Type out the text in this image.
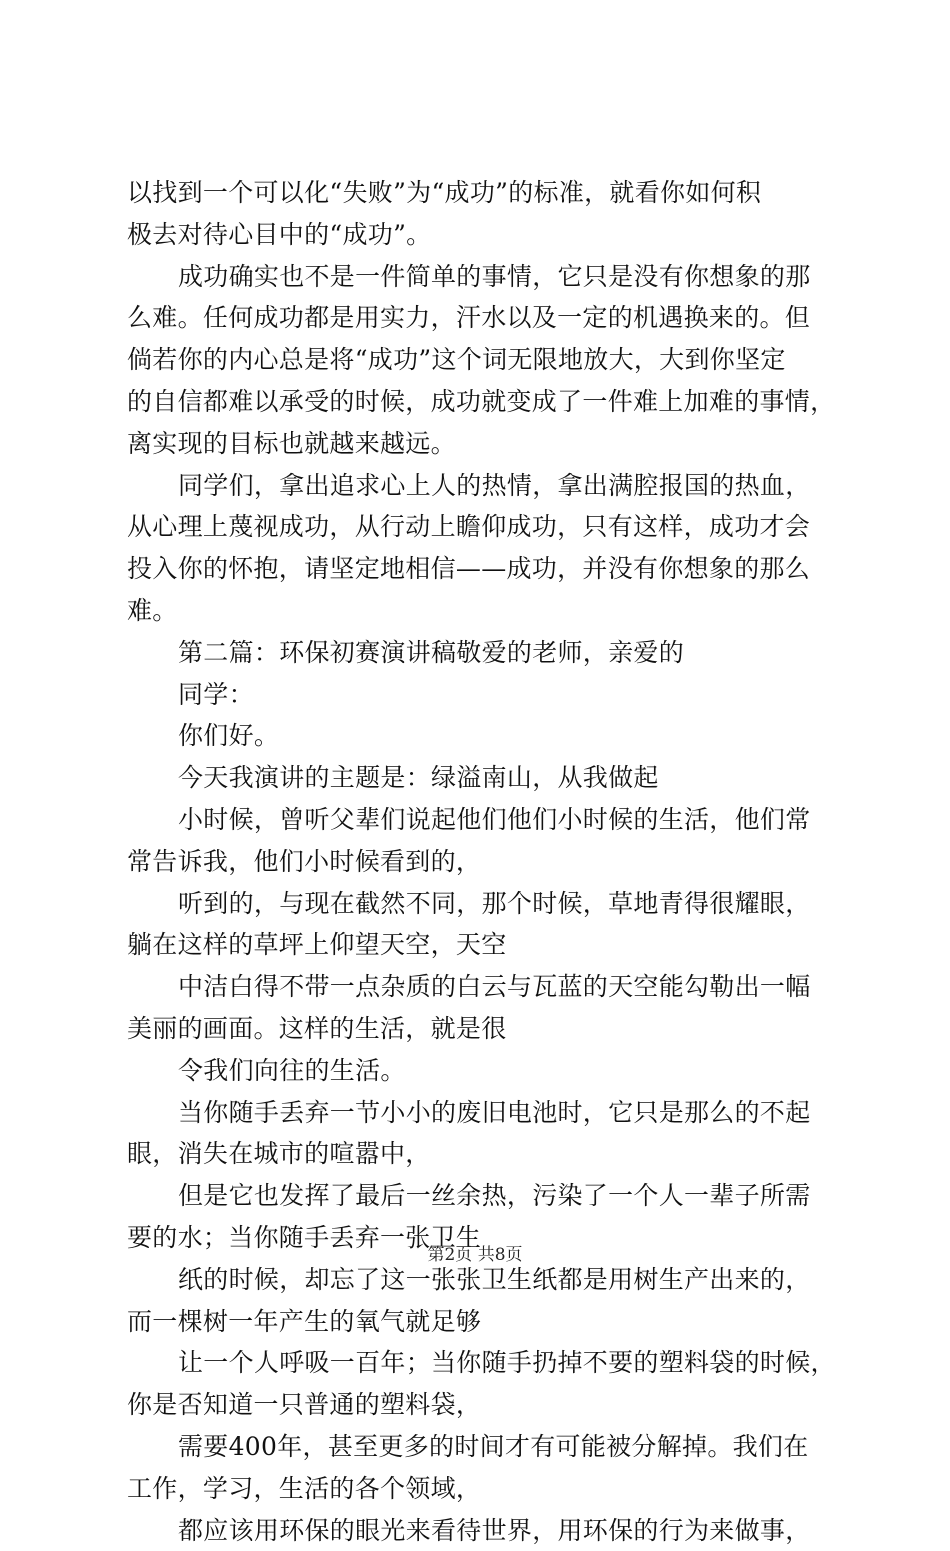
以找到一个可以化“失败”为“成功”的标准，就看你如何积
极去对待心目中的“成功”。
成功确实也不是一件简单的事情，它只是没有你想象的那
么难。任何成功都是用实力，汗水以及一定的机遇换来的。但
倘若你的内心总是将“成功”这个词无限地放大，大到你坚定
的自信都难以承受的时候，成功就变成了一件难上加难的事情，
离实现的目标也就越来越远。
同学们，拿出追求心上人的热情，拿出满腔报国的热血，
从心理上蔑视成功，从行动上瞻仰成功，只有这样，成功才会
投入你的怀抱，请坚定地相信——成功，并没有你想象的那么
难。
第二篇：环保初赛演讲稿敬爱的老师，亲爱的
同学：
你们好。
今天我演讲的主题是：绿溢南山，从我做起
小时候，曾听父辈们说起他们他们小时候的生活，他们常
常告诉我，他们小时候看到的，
听到的，与现在截然不同，那个时候，草地青得很耀眼，
躺在这样的草坪上仰望天空，天空
中洁白得不带一点杂质的白云与瓦蓝的天空能勾勒出一幅
美丽的画面。这样的生活，就是很
令我们向往的生活。
当你随手丢弃一节小小的废旧电池时，它只是那么的不起
眼，消失在城市的喧嚣中，
但是它也发挥了最后一丝余热，污染了一个人一辈子所需
要的水；当你随手丢弃一张卫生
纸的时候，却忘了这一张张卫生纸都是用树生产出来的，
而一棵树一年产生的氧气就足够
让一个人呼吸一百年；当你随手扔掉不要的塑料袋的时候，
你是否知道一只普通的塑料袋，
需要400年，甚至更多的时间才有可能被分解掉。我们在
工作，学习，生活的各个领域，
都应该用环保的眼光来看待世界，用环保的行为来做事，
第2页 共8页
